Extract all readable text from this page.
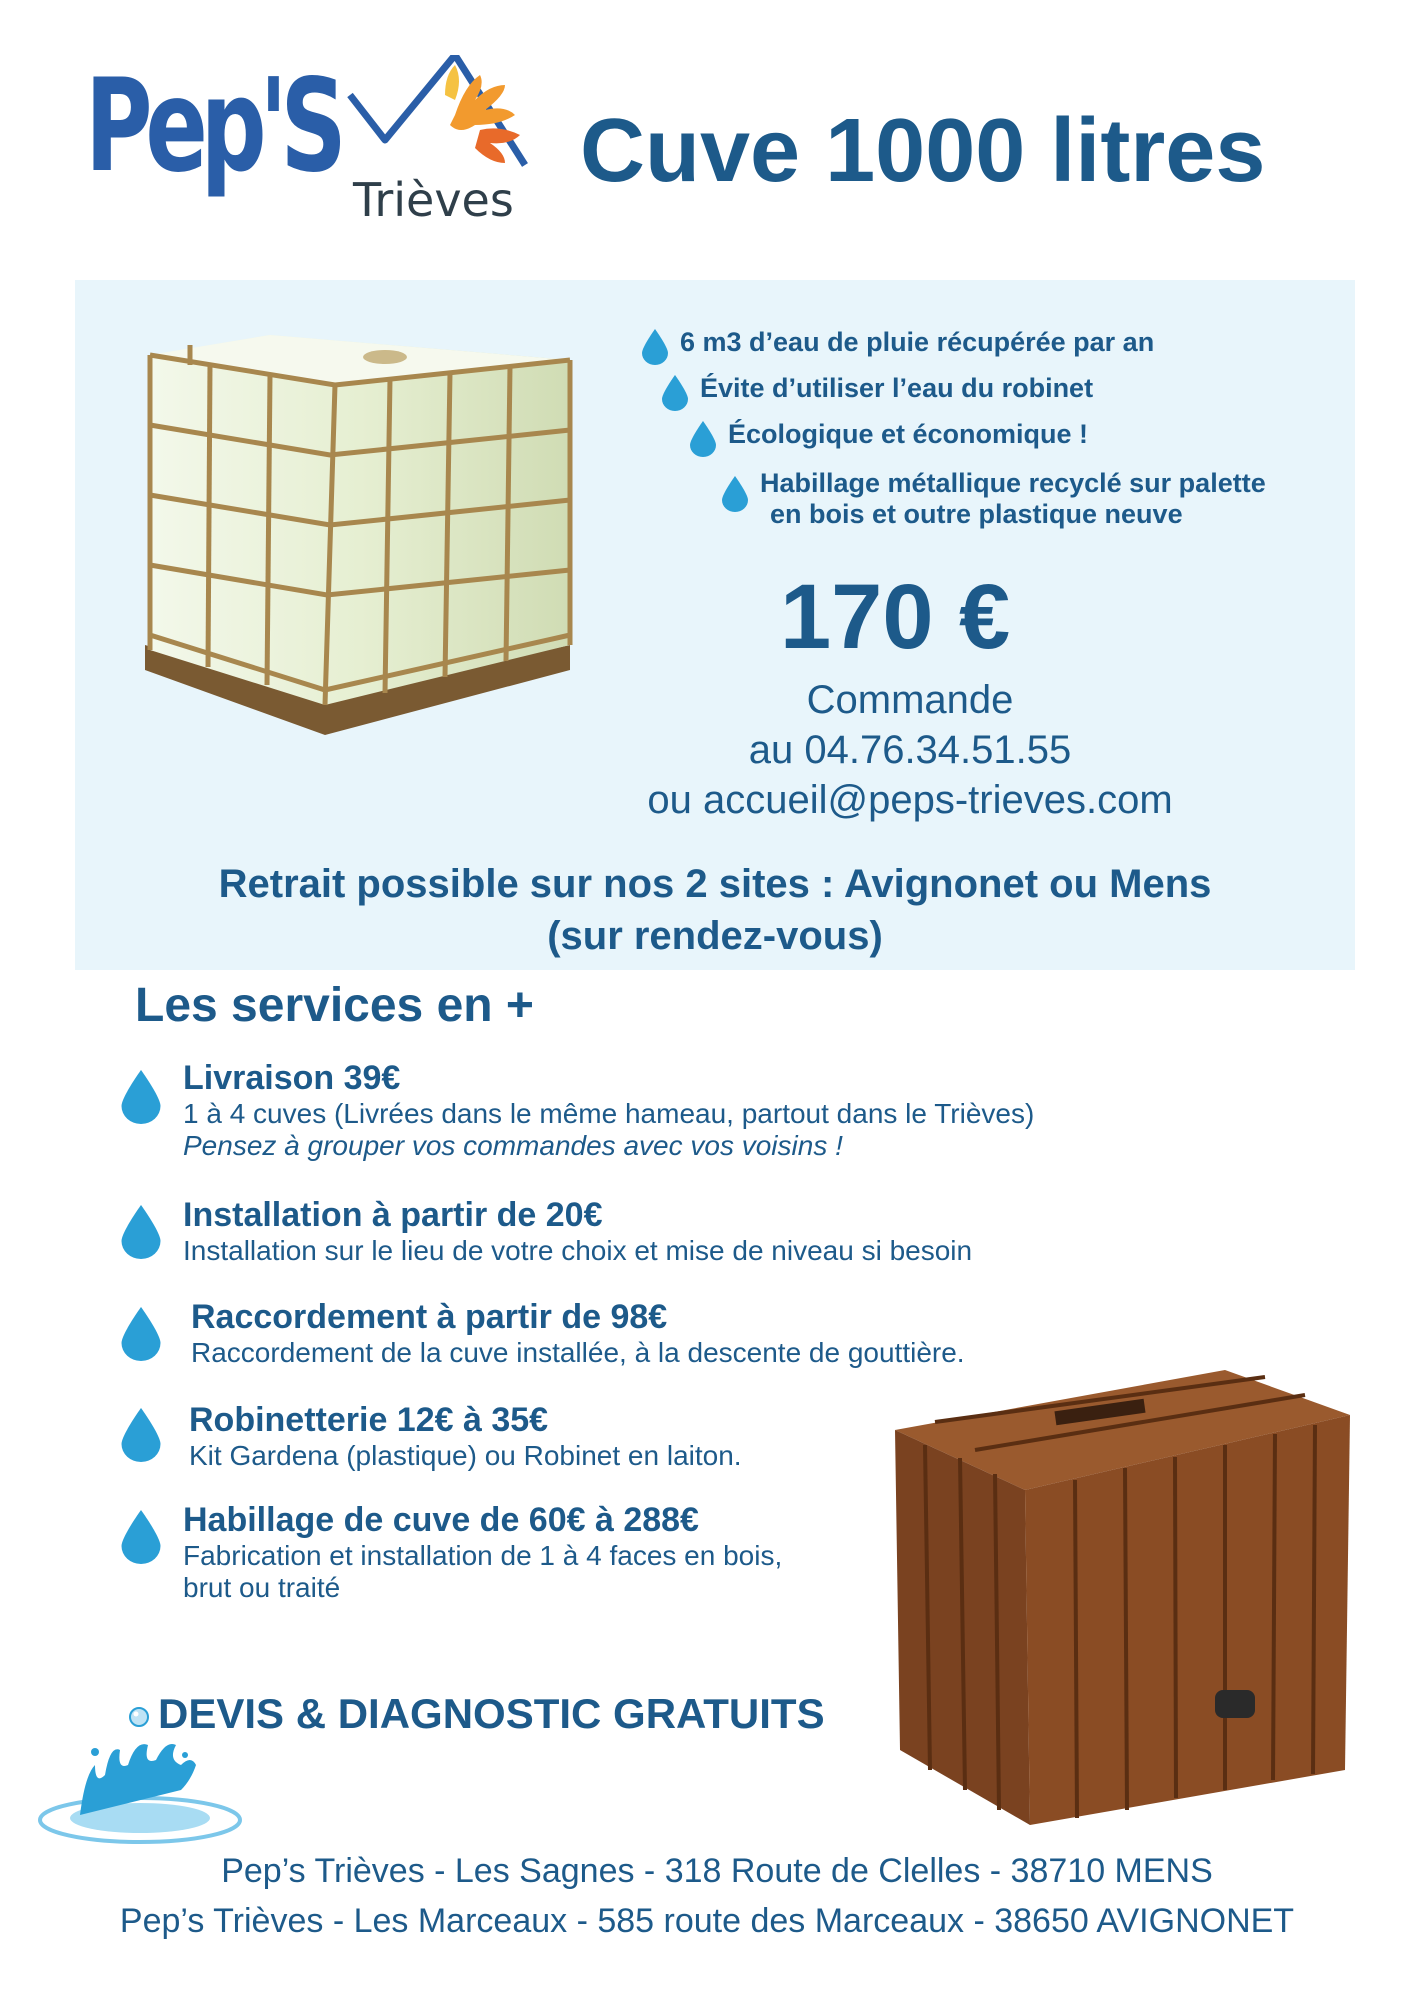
Pep'S Trièves Cuve 1000 litres
6 m3 d’eau de pluie récupérée par an
Évite d’utiliser l’eau du robinet
Écologique et économique !
Habillage métallique recyclé sur palette
en bois et outre plastique neuve
170 €
Commande
au 04.76.34.51.55
ou accueil@peps-trieves.com
Retrait possible sur nos 2 sites : Avignonet ou Mens
(sur rendez-vous)
Les services en +
Livraison 39€
1 à 4 cuves (Livrées dans le même hameau, partout dans le Trièves)
Pensez à grouper vos commandes avec vos voisins !
Installation à partir de 20€
Installation sur le lieu de votre choix et mise de niveau si besoin
Raccordement à partir de 98€
Raccordement de la cuve installée, à la descente de gouttière.
Robinetterie 12€ à 35€
Kit Gardena (plastique) ou Robinet en laiton.
Habillage de cuve de 60€ à 288€
Fabrication et installation de 1 à 4 faces en bois,
brut ou traité
DEVIS & DIAGNOSTIC GRATUITS
Pep’s Trièves - Les Sagnes - 318 Route de Clelles - 38710 MENS
Pep’s Trièves - Les Marceaux - 585 route des Marceaux - 38650 AVIGNONET
